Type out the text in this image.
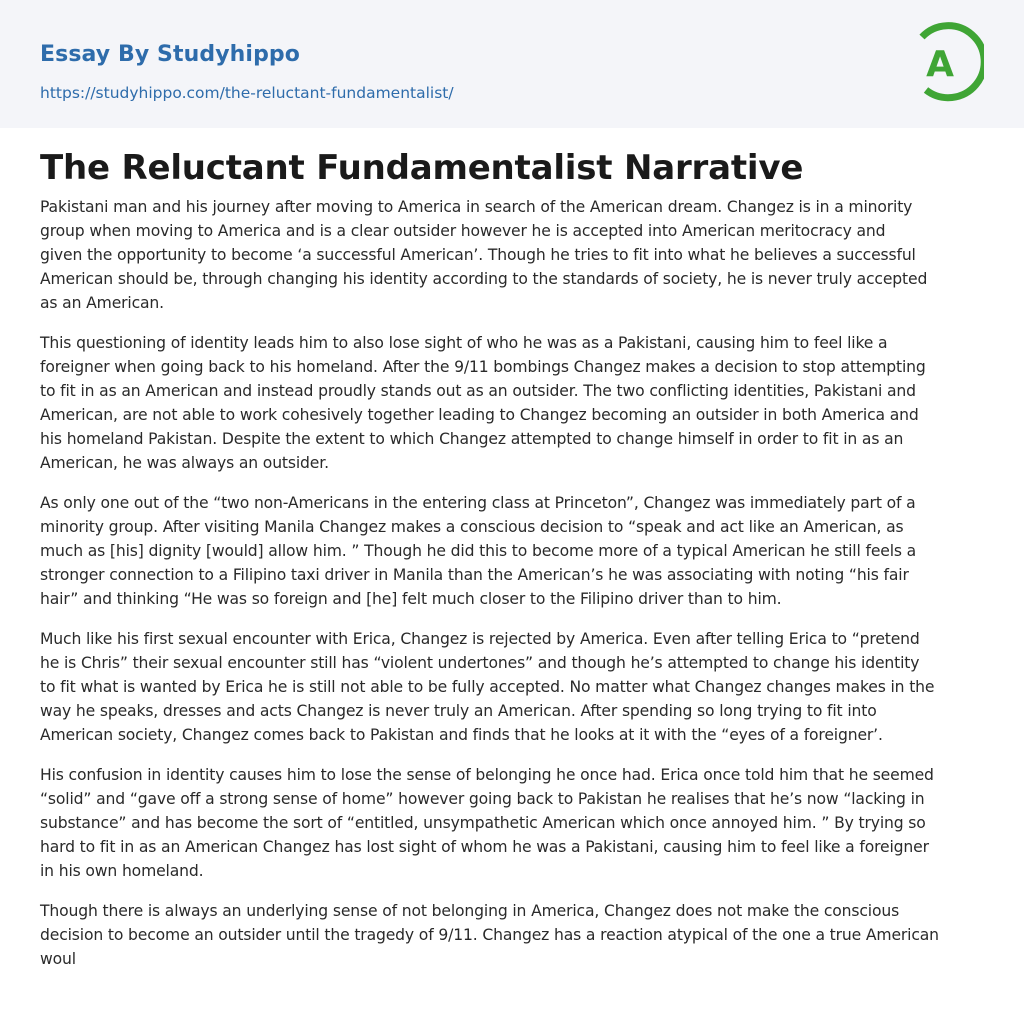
Essay By Studyhippo
https://studyhippo.com/the-reluctant-fundamentalist/
A
The Reluctant Fundamentalist Narrative

Pakistani man and his journey after moving to America in search of the American dream. Changez is in a minority
group when moving to America and is a clear outsider however he is accepted into American meritocracy and
given the opportunity to become ‘a successful American’. Though he tries to fit into what he believes a successful
American should be, through changing his identity according to the standards of society, he is never truly accepted
as an American.

This questioning of identity leads him to also lose sight of who he was as a Pakistani, causing him to feel like a
foreigner when going back to his homeland. After the 9/11 bombings Changez makes a decision to stop attempting
to fit in as an American and instead proudly stands out as an outsider. The two conflicting identities, Pakistani and
American, are not able to work cohesively together leading to Changez becoming an outsider in both America and
his homeland Pakistan. Despite the extent to which Changez attempted to change himself in order to fit in as an
American, he was always an outsider.

As only one out of the “two non-Americans in the entering class at Princeton”, Changez was immediately part of a
minority group. After visiting Manila Changez makes a conscious decision to “speak and act like an American, as
much as [his] dignity [would] allow him. ” Though he did this to become more of a typical American he still feels a
stronger connection to a Filipino taxi driver in Manila than the American’s he was associating with noting “his fair
hair” and thinking “He was so foreign and [he] felt much closer to the Filipino driver than to him.

Much like his first sexual encounter with Erica, Changez is rejected by America. Even after telling Erica to “pretend
he is Chris” their sexual encounter still has “violent undertones” and though he’s attempted to change his identity
to fit what is wanted by Erica he is still not able to be fully accepted. No matter what Changez changes makes in the
way he speaks, dresses and acts Changez is never truly an American. After spending so long trying to fit into
American society, Changez comes back to Pakistan and finds that he looks at it with the “eyes of a foreigner’.

His confusion in identity causes him to lose the sense of belonging he once had. Erica once told him that he seemed
“solid” and “gave off a strong sense of home” however going back to Pakistan he realises that he’s now “lacking in
substance” and has become the sort of “entitled, unsympathetic American which once annoyed him. ” By trying so
hard to fit in as an American Changez has lost sight of whom he was a Pakistani, causing him to feel like a foreigner
in his own homeland.

Though there is always an underlying sense of not belonging in America, Changez does not make the conscious
decision to become an outsider until the tragedy of 9/11. Changez has a reaction atypical of the one a true American
woul
